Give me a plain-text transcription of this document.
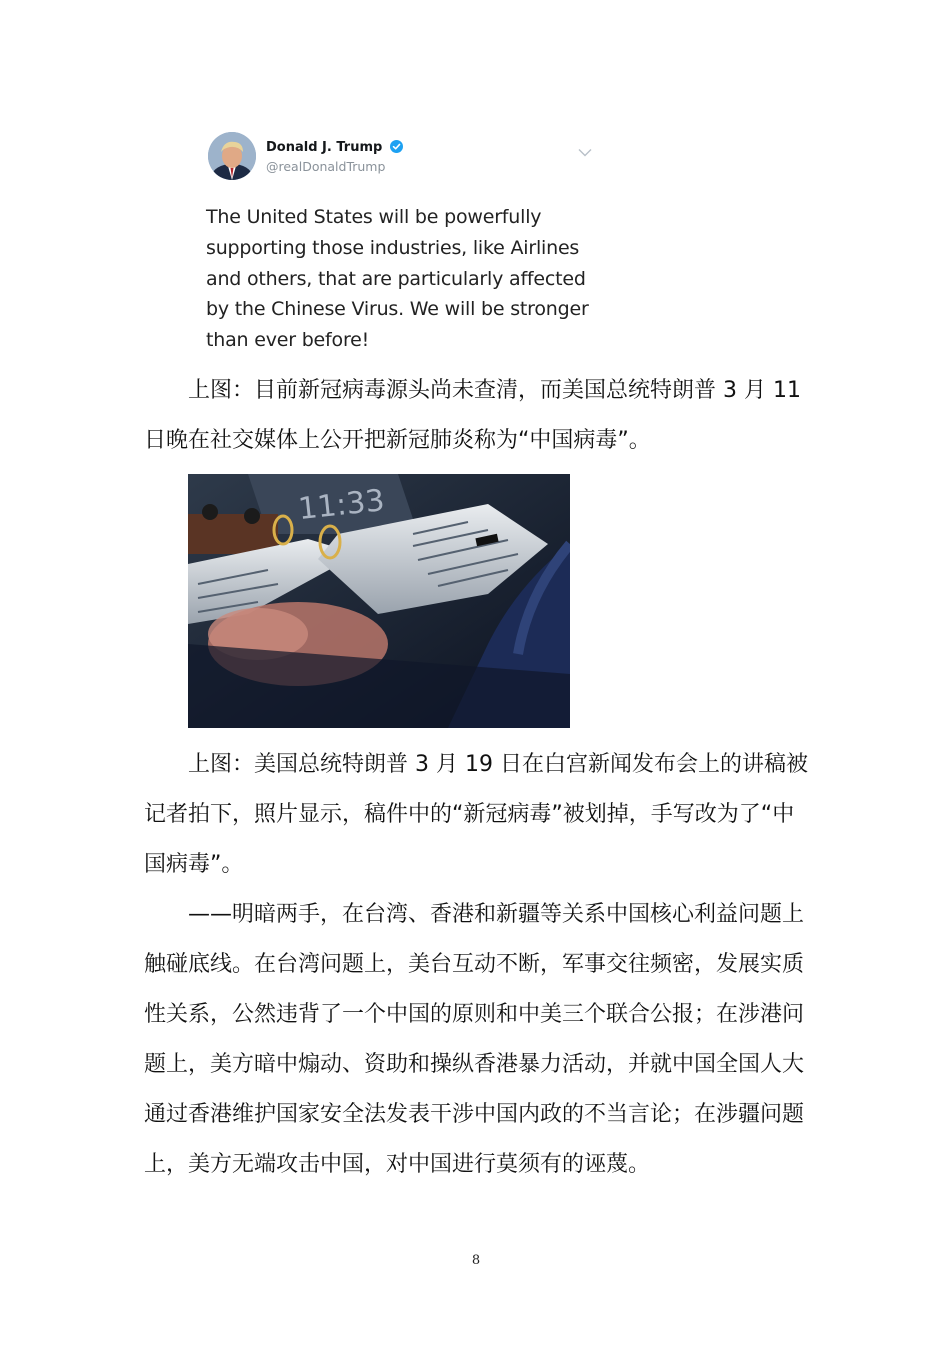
Donald J. Trump
@realDonaldTrump
The United States will be powerfully supporting those industries, like Airlines and others, that are particularly affected by the Chinese Virus. We will be stronger than ever before!

上图：目前新冠病毒源头尚未查清，而美国总统特朗普 3 月 11 日晚在社交媒体上公开把新冠肺炎称为“中国病毒”。

11:33

上图：美国总统特朗普 3 月 19 日在白宫新闻发布会上的讲稿被记者拍下，照片显示，稿件中的“新冠病毒”被划掉，手写改为了“中国病毒”。

——明暗两手，在台湾、香港和新疆等关系中国核心利益问题上触碰底线。在台湾问题上，美台互动不断，军事交往频密，发展实质性关系，公然违背了一个中国的原则和中美三个联合公报；在涉港问题上，美方暗中煽动、资助和操纵香港暴力活动，并就中国全国人大通过香港维护国家安全法发表干涉中国内政的不当言论；在涉疆问题上，美方无端攻击中国，对中国进行莫须有的诬蔑。

8
